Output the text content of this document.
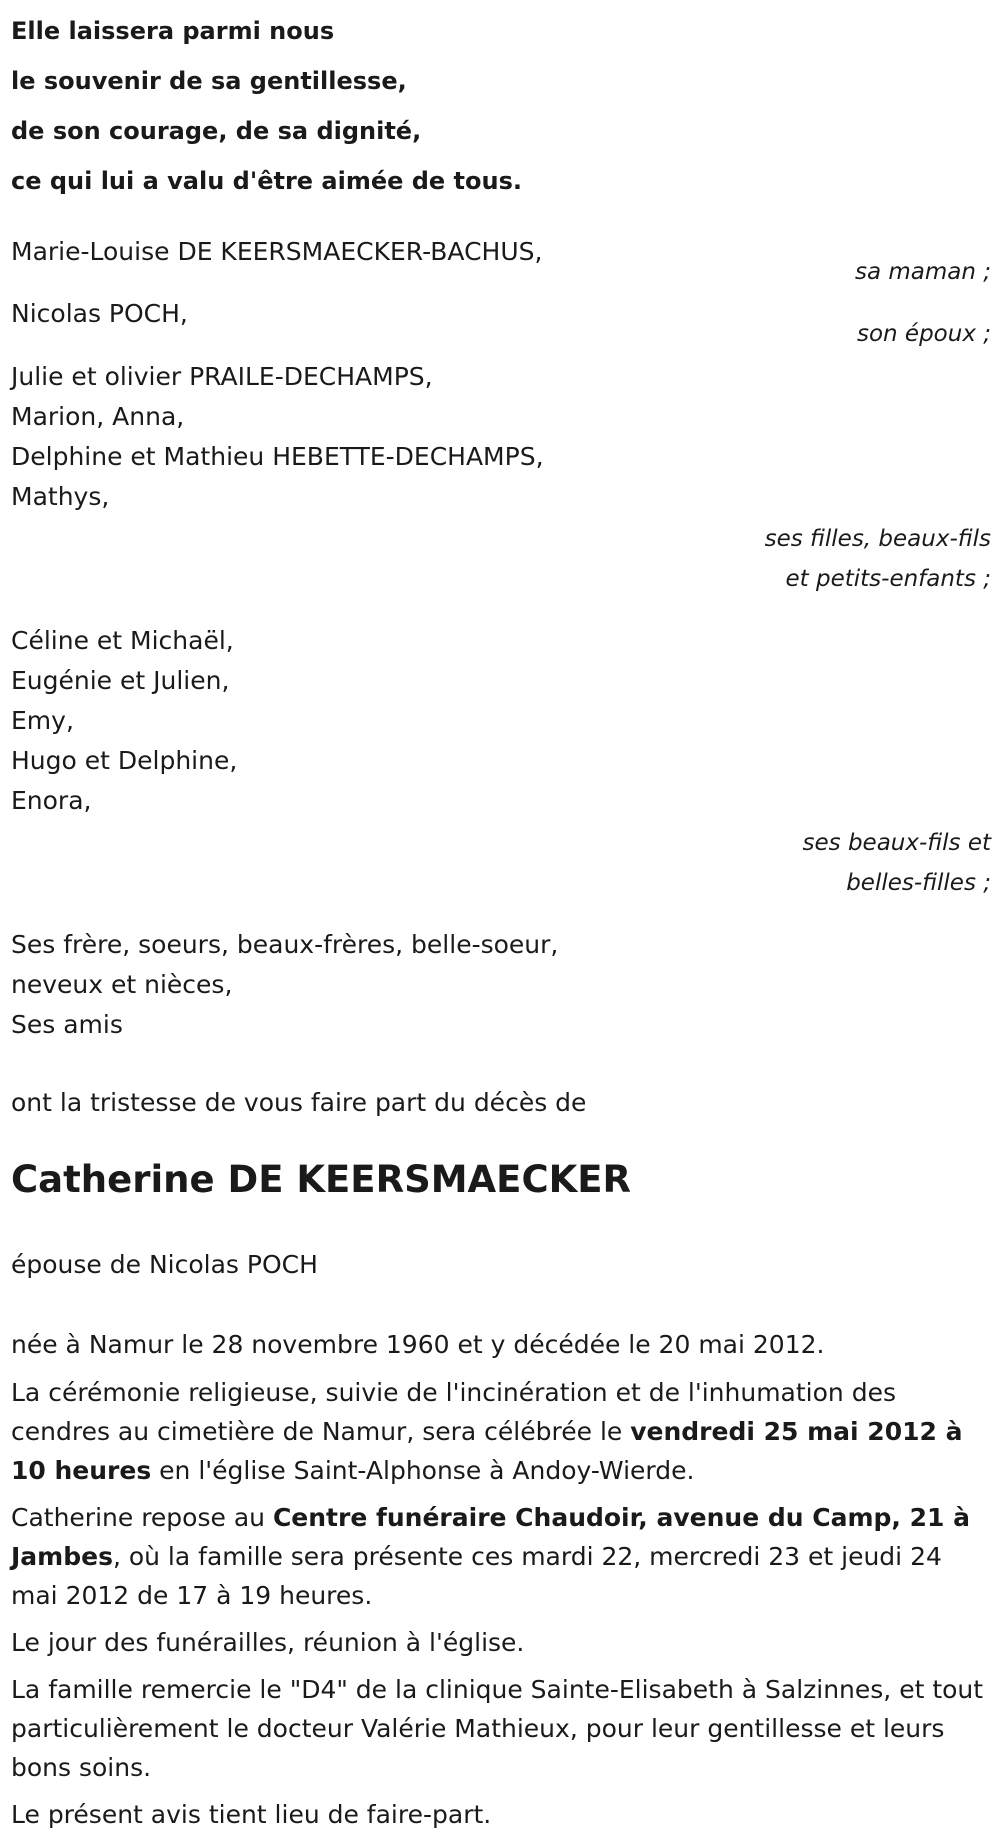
Elle laissera parmi nous
le souvenir de sa gentillesse,
de son courage, de sa dignité,
ce qui lui a valu d'être aimée de tous.

Marie-Louise DE KEERSMAECKER-BACHUS,
sa maman ;
Nicolas POCH,
son époux ;
Julie et olivier PRAILE-DECHAMPS,
Marion, Anna,
Delphine et Mathieu HEBETTE-DECHAMPS,
Mathys,
ses filles, beaux-fils
et petits-enfants ;
Céline et Michaël,
Eugénie et Julien,
Emy,
Hugo et Delphine,
Enora,
ses beaux-fils et
belles-filles ;
Ses frère, soeurs, beaux-frères, belle-soeur,
neveux et nièces,
Ses amis

ont la tristesse de vous faire part du décès de

Catherine DE KEERSMAECKER

épouse de Nicolas POCH

née à Namur le 28 novembre 1960 et y décédée le 20 mai 2012.

La cérémonie religieuse, suivie de l'incinération et de l'inhumation des cendres au cimetière de Namur, sera célébrée le vendredi 25 mai 2012 à 10 heures en l'église Saint-Alphonse à Andoy-Wierde.

Catherine repose au Centre funéraire Chaudoir, avenue du Camp, 21 à Jambes, où la famille sera présente ces mardi 22, mercredi 23 et jeudi 24 mai 2012 de 17 à 19 heures.

Le jour des funérailles, réunion à l'église.

La famille remercie le "D4" de la clinique Sainte-Elisabeth à Salzinnes, et tout particulièrement le docteur Valérie Mathieux, pour leur gentillesse et leurs bons soins.

Le présent avis tient lieu de faire-part.
